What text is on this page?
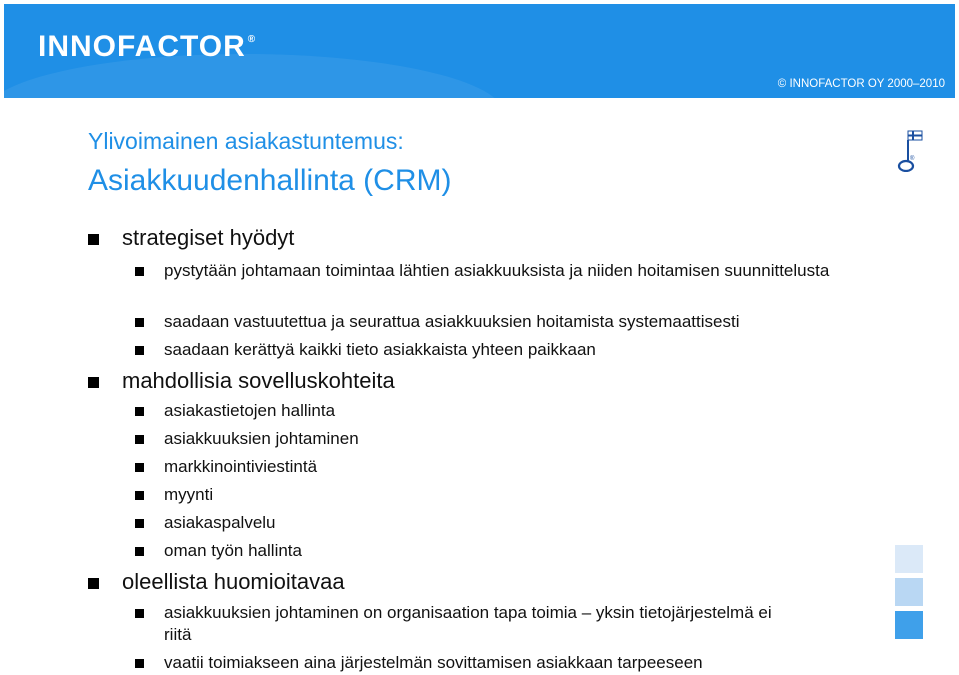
INNOFACTOR ®
© INNOFACTOR OY 2000–2010
Ylivoimainen asiakastuntemus:
Asiakkuudenhallinta (CRM)
®
strategiset hyödyt
pystytään johtamaan toimintaa lähtien asiakkuuksista ja niiden hoitamisen suunnittelusta
saadaan vastuutettua ja seurattua asiakkuuksien hoitamista systemaattisesti
saadaan kerättyä kaikki tieto asiakkaista yhteen paikkaan
mahdollisia sovelluskohteita
asiakastietojen hallinta
asiakkuuksien johtaminen
markkinointiviestintä
myynti
asiakaspalvelu
oman työn hallinta
oleellista huomioitavaa
asiakkuuksien johtaminen on organisaation tapa toimia – yksin tietojärjestelmä ei riitä
vaatii toimiakseen aina järjestelmän sovittamisen asiakkaan tarpeeseen
